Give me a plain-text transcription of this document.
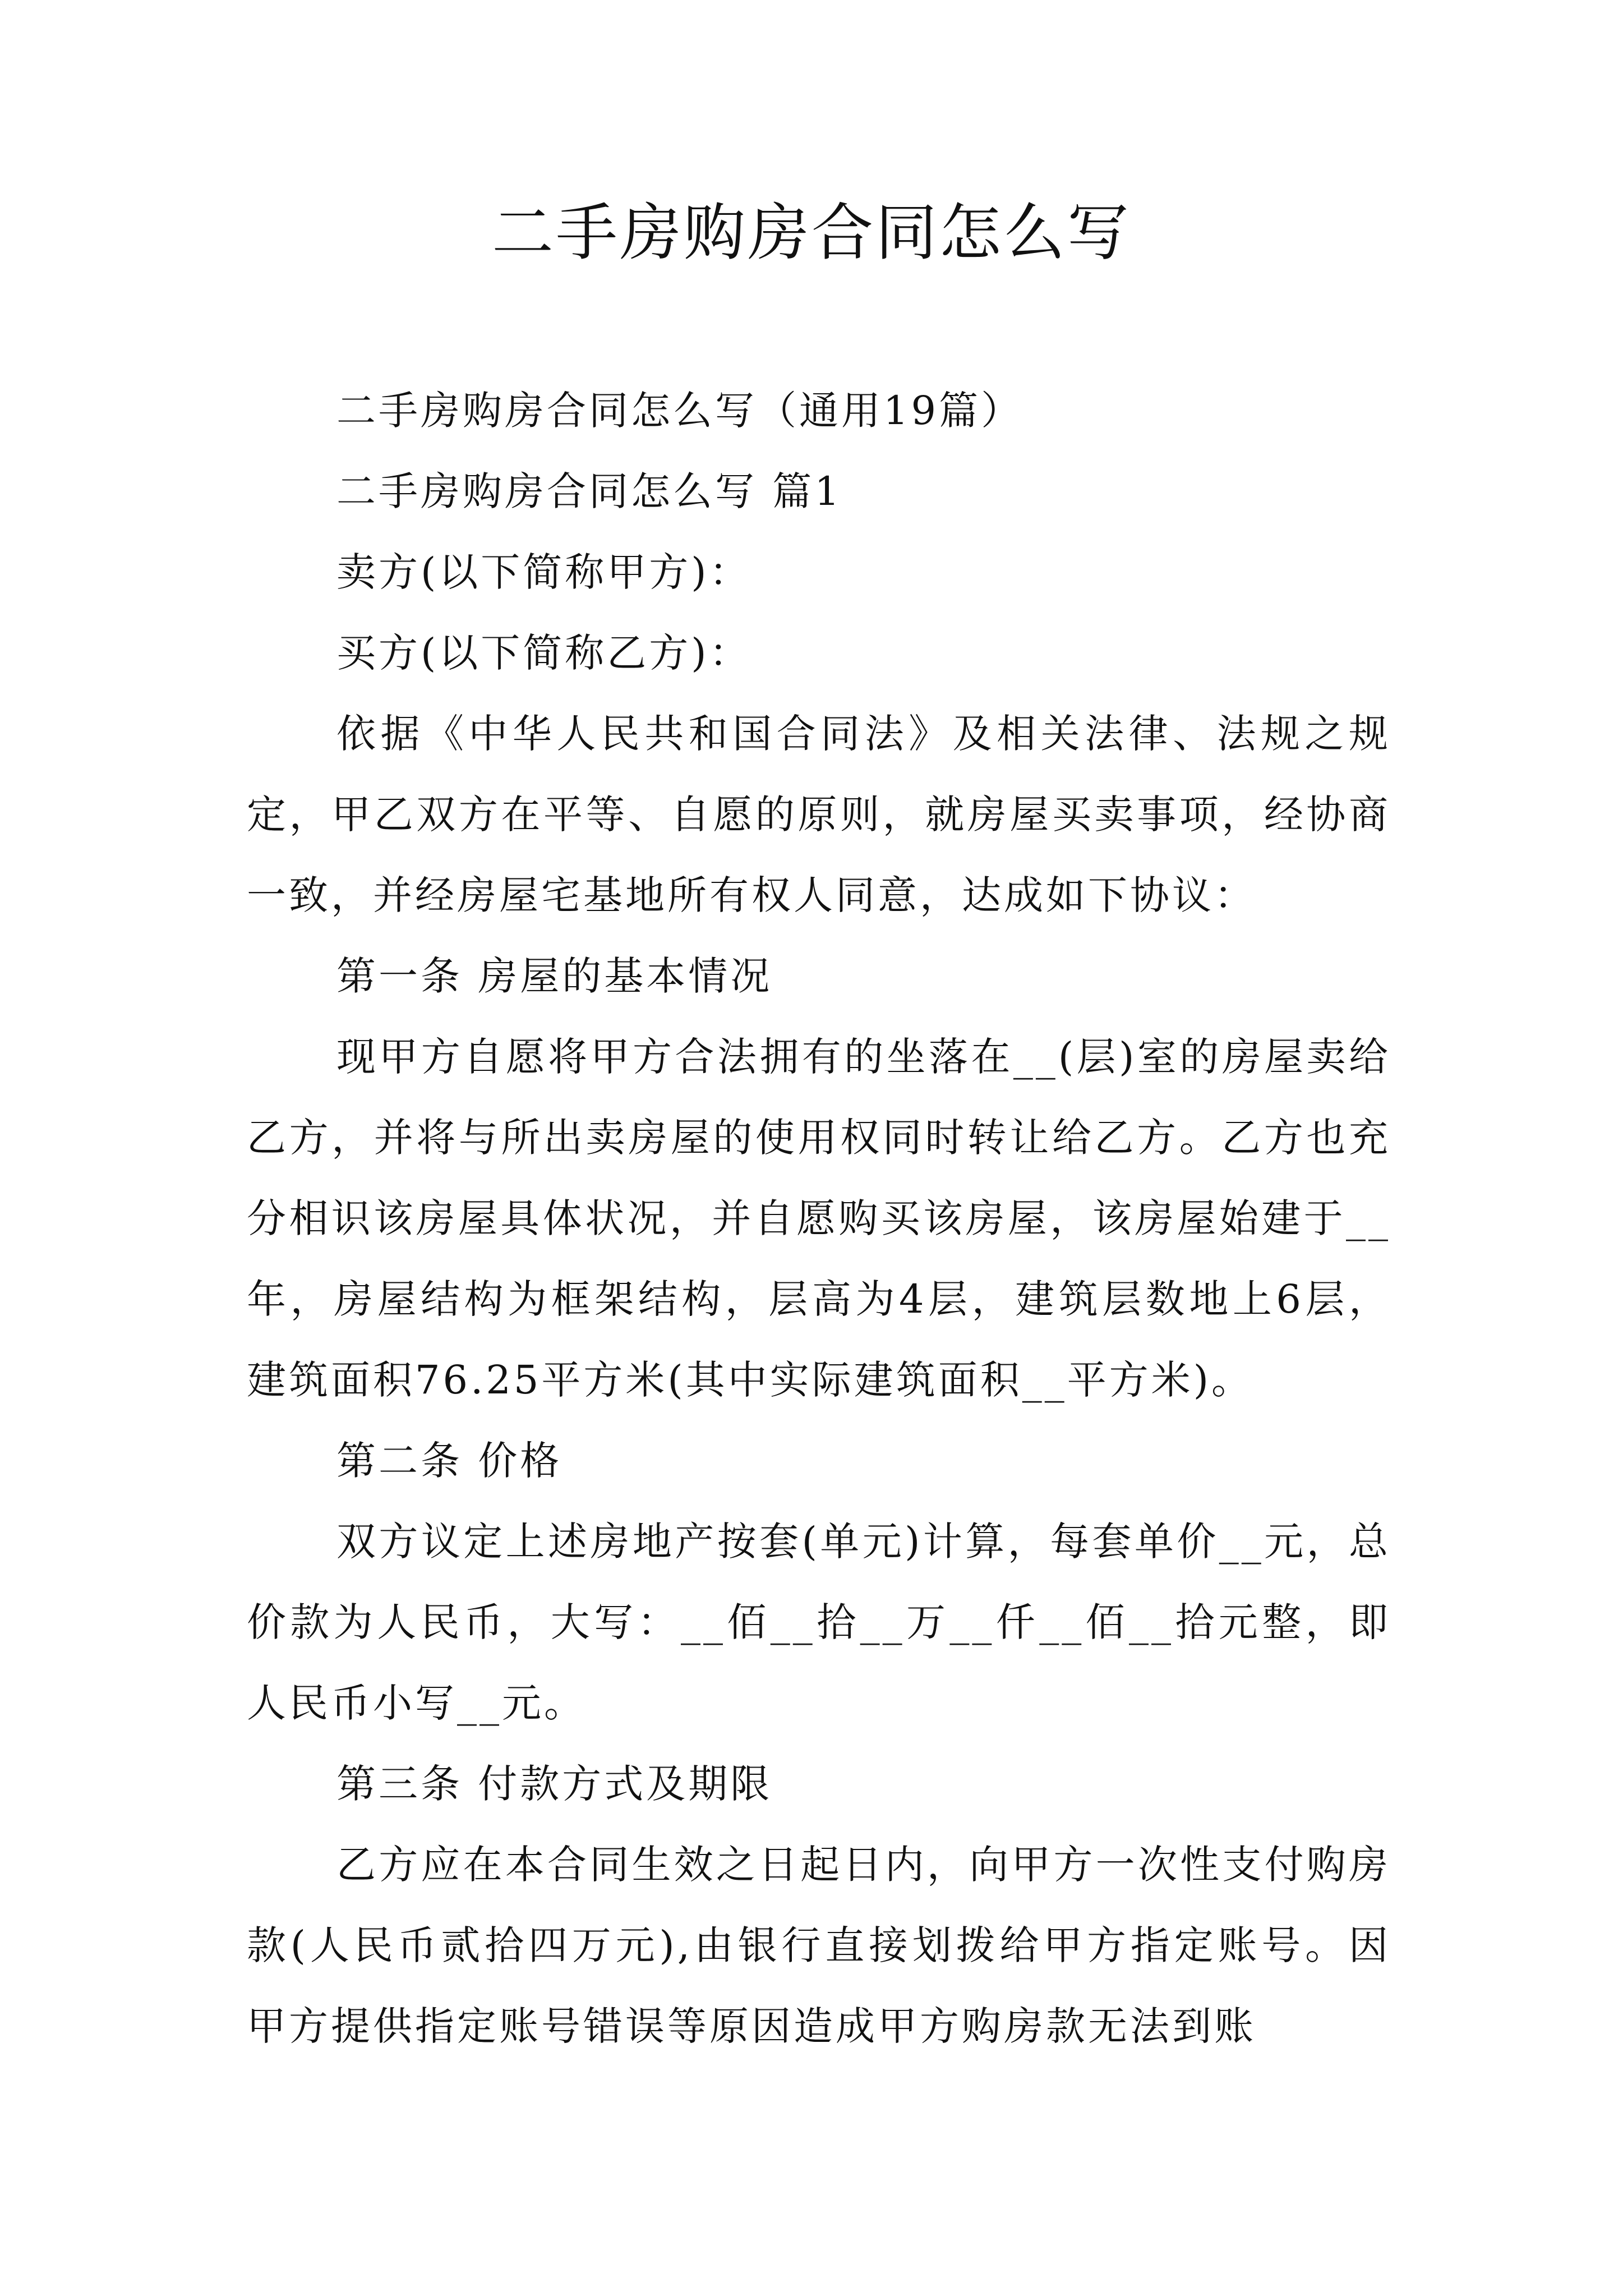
二手房购房合同怎么写

二手房购房合同怎么写（通用19篇）

二手房购房合同怎么写 篇1

卖方(以下简称甲方)：

买方(以下简称乙方)：

依据《中华人民共和国合同法》及相关法律、法规之规定，甲乙双方在平等、自愿的原则，就房屋买卖事项，经协商一致，并经房屋宅基地所有权人同意，达成如下协议：

第一条 房屋的基本情况

现甲方自愿将甲方合法拥有的坐落在__(层)室的房屋卖给乙方，并将与所出卖房屋的使用权同时转让给乙方。乙方也充分相识该房屋具体状况，并自愿购买该房屋，该房屋始建于__年，房屋结构为框架结构，层高为4层，建筑层数地上6层，建筑面积76.25平方米(其中实际建筑面积__平方米)。

第二条 价格

双方议定上述房地产按套(单元)计算，每套单价__元，总价款为人民币，大写：__佰__拾__万__仟__佰__拾元整，即人民币小写__元。

第三条 付款方式及期限

乙方应在本合同生效之日起日内，向甲方一次性支付购房款(人民币贰拾四万元),由银行直接划拨给甲方指定账号。因甲方提供指定账号错误等原因造成甲方购房款无法到账
